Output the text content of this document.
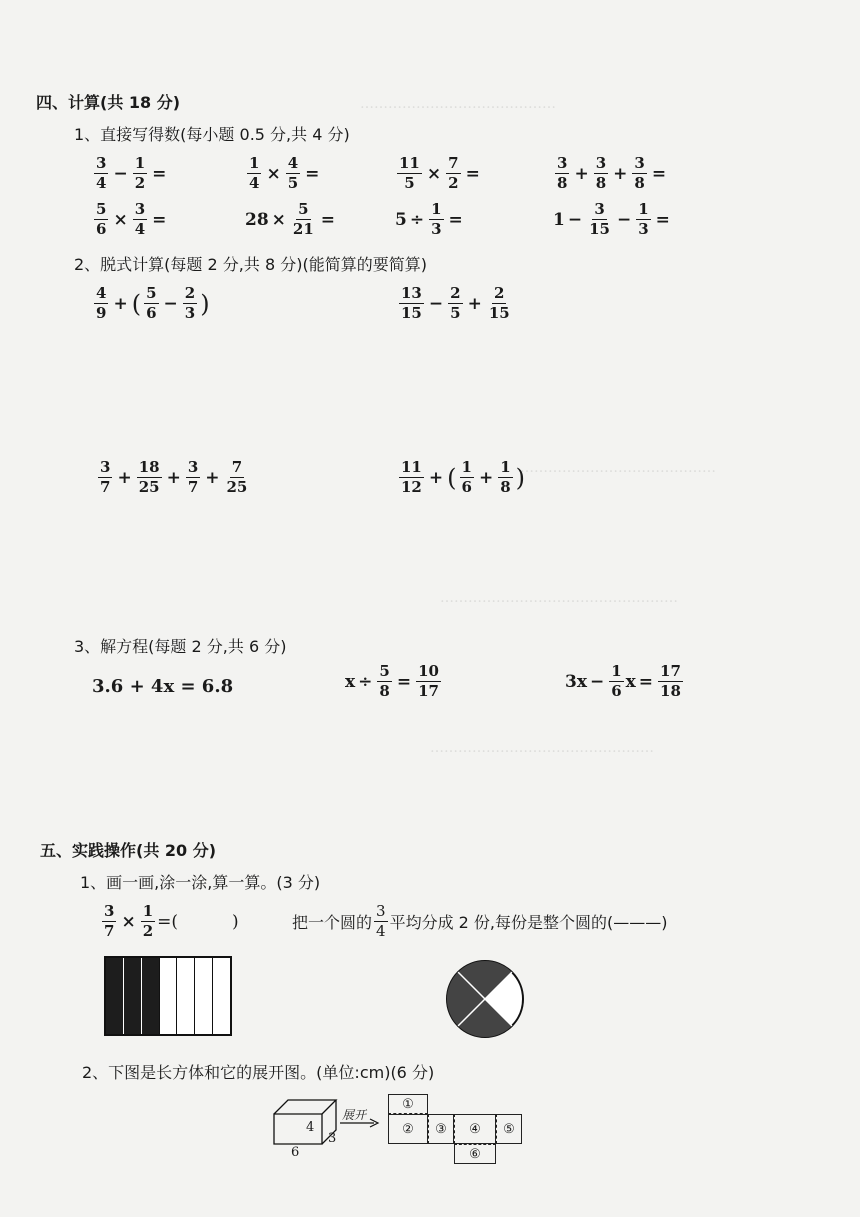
……………………………………
……………………………………
……………………………………………
…………………………………………
四、计算(共 18 分)
1、直接写得数(每小题 0.5 分,共 4 分)
$\frac{3}{4} - \frac{1}{2}$ =	$\frac{1}{4} \times \frac{4}{5}$ =	$\frac{11}{5} \times \frac{7}{2}$ =	$\frac{3}{8} + \frac{3}{8} + \frac{3}{8}$ =
$\frac{5}{6} \times \frac{3}{4}$ =	$28 \times \frac{5}{21}$ =	$5 \div \frac{1}{3}$ =	$1 - \frac{3}{15} - \frac{1}{3}$ =
2、脱式计算(每题 2 分,共 8 分)(能简算的要简算)
$\frac{4}{9}$ + ( $\frac{5}{6} - \frac{2}{3}$ )	$\frac{13}{15} - \frac{2}{5} + \frac{2}{15}$
$\frac{3}{7} + \frac{18}{25} + \frac{3}{7} + \frac{7}{25}$	$\frac{11}{12}$ + ( $\frac{1}{6} + \frac{1}{8}$ )
3、解方程(每题 2 分,共 6 分)
3.6 + 4x = 6.8	$x \div \frac{5}{8} = \frac{10}{17}$	$3x - \frac{1}{6}$ $x = \frac{17}{18}$
五、实践操作(共 20 分)
1、画一画,涂一涂,算一算。(3 分)
$\frac{3}{7} \times \frac{1}{2}$ =(          )	把一个圆的 $\frac{3}{4}$ 平均分成 2 份,每份是整个圆的(———)
2、下图是长方体和它的展开图。(单位:cm)(6 分)
4
3
6
展开
①
②	③	④	⑤
⑥
